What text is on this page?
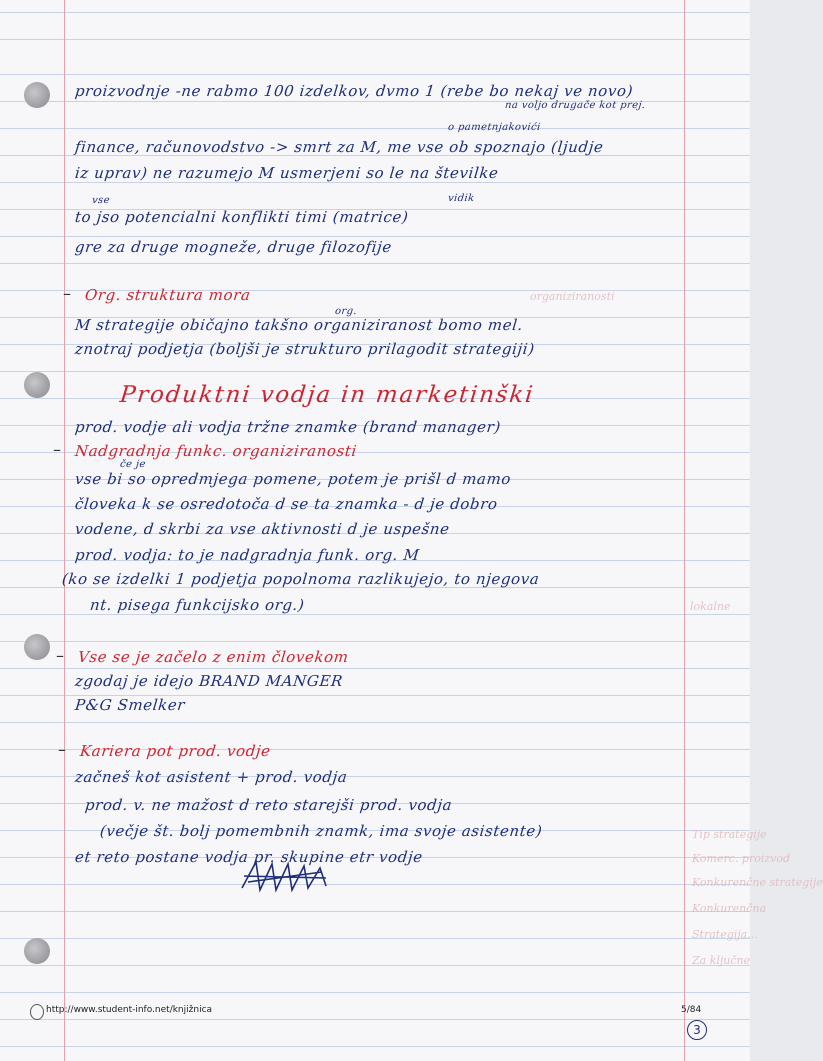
proizvodnje -ne rabmo 100 izdelkov, dvmo 1 (rebe bo nekaj ve novo)
na voljo drugače kot prej.
o pametnjakovići
finance, računovodstvo -> smrt za M, me vse ob spoznajo (ljudje
iz uprav) ne razumejo M usmerjeni so le na številke
vse	vidik
to jso potencialni konflikti timi (matrice)
gre za druge mogneže, druge filozofije
– Org. struktura mora
org.
M strategije običajno takšno organiziranost bomo mel.
znotraj podjetja (boljši je strukturo prilagodit strategiji)
Produktni vodja in marketinški
prod. vodje ali vodja tržne znamke (brand manager)
– Nadgradnja funkc. organiziranosti
če je
vse bi so opredmjega pomene, potem je prišl d mamo
človeka k se osredotoča d se ta znamka - d je dobro
vodene, d skrbi za vse aktivnosti d je uspešne
prod. vodja: to je nadgradnja funk. org. M
(ko se izdelki 1 podjetja popolnoma razlikujejo, to njegova
nt. pisega funkcijsko org.)
– Vse se je začelo z enim človekom
zgodaj je idejo BRAND MANGER
P&G Smelker
– Kariera pot prod. vodje
začneš kot asistent + prod. vodja
prod. v. ne mažost d reto starejši prod. vodja
(večje št. bolj pomembnih znamk, ima svoje asistente)
et reto postane vodja pr. skupine etr vodje
organiziranosti
lokalne
Tip strategije
Komerc. proizvod
Konkurenčne strategije
Konkurenčna
Strategija...
Za ključne
http://www.student-info.net/knjižnica	5/84
3
